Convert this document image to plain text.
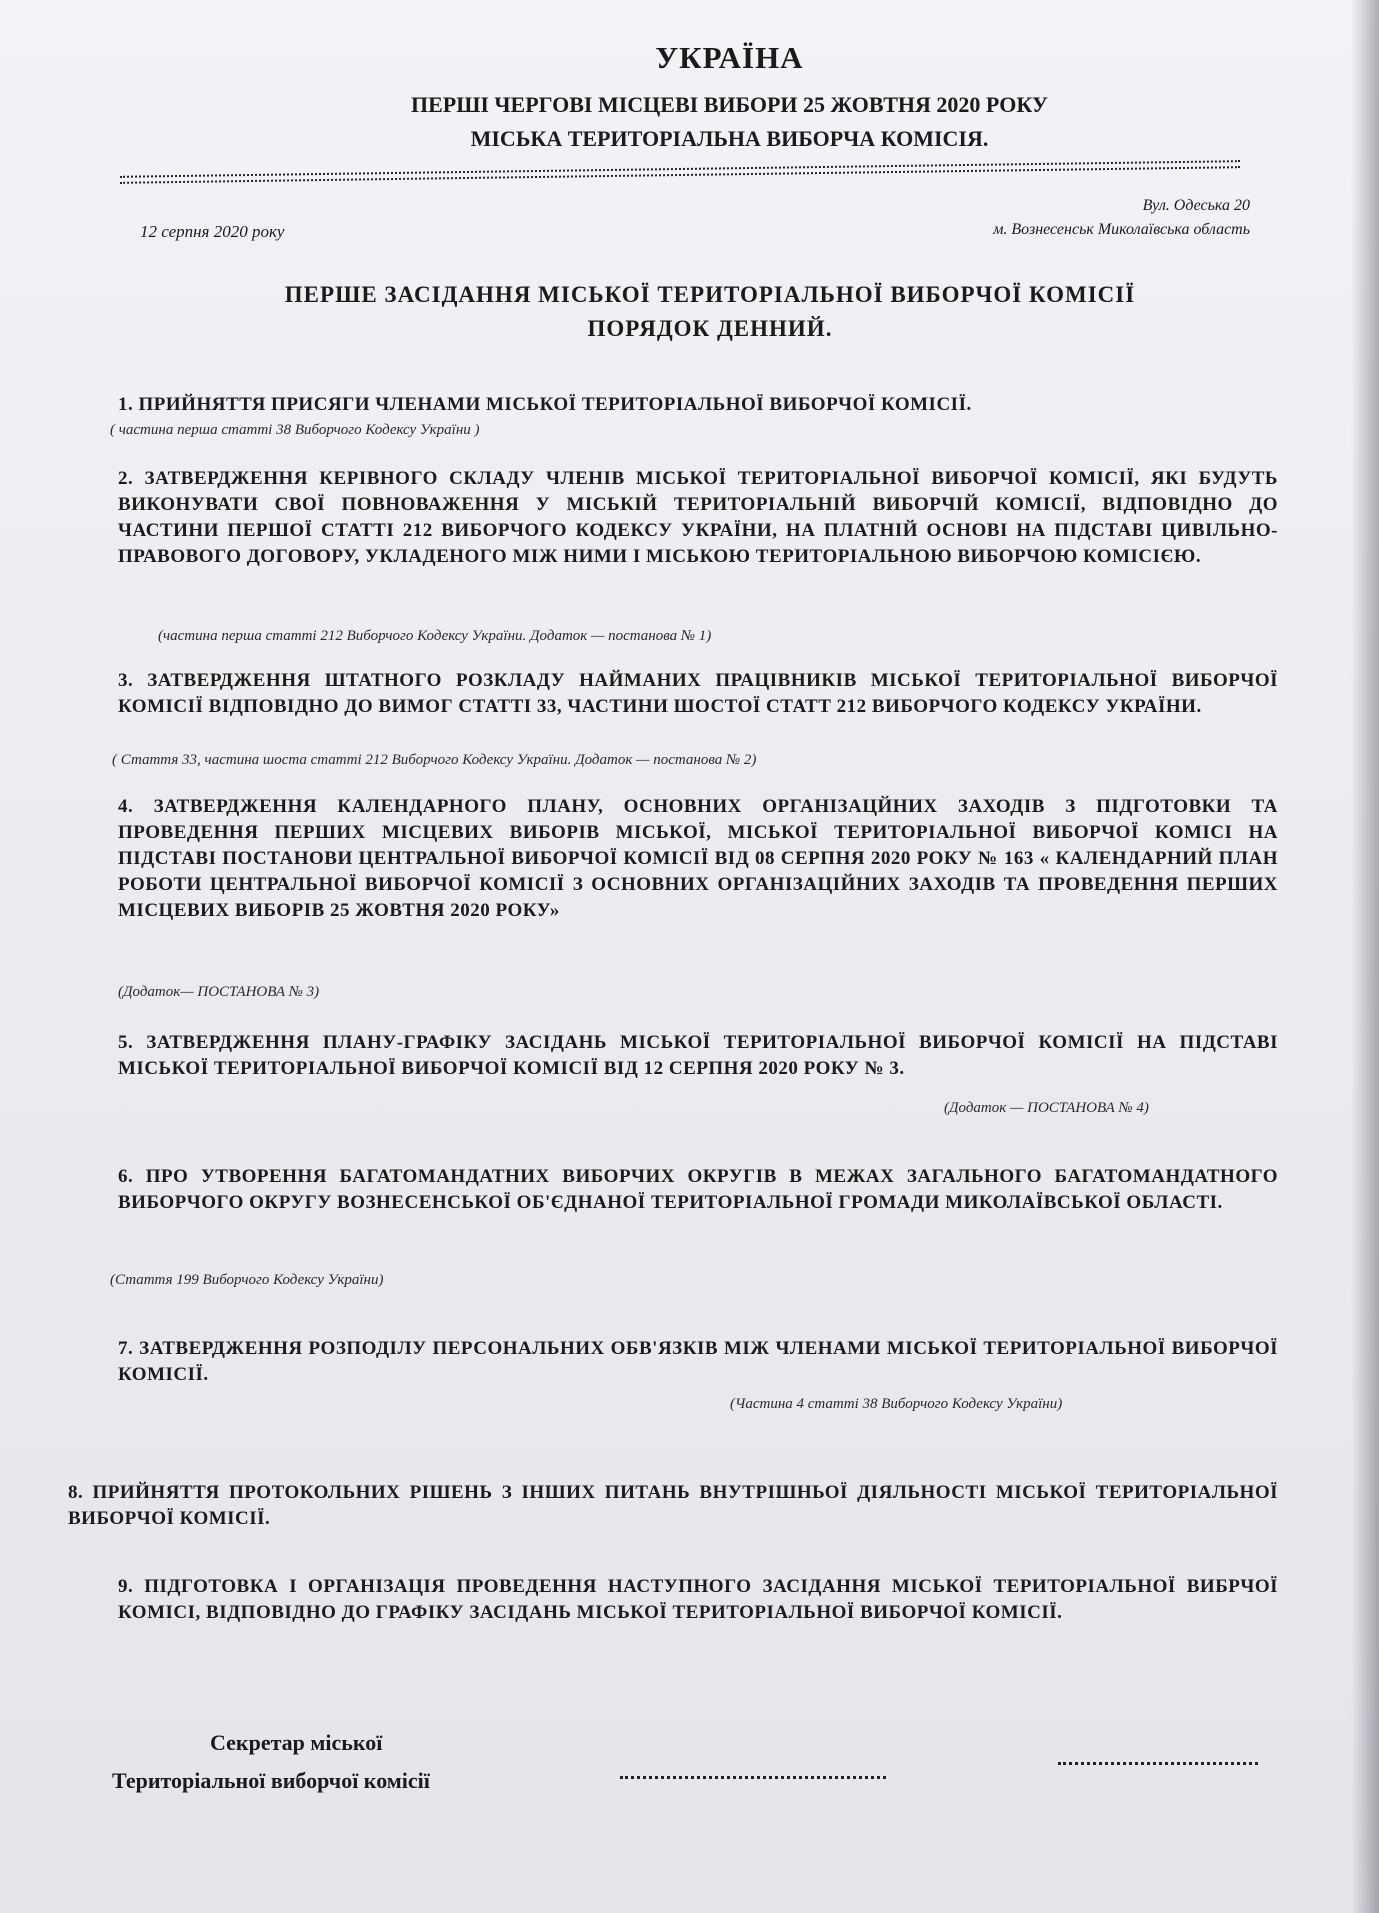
УКРАЇНА
ПЕРШІ ЧЕРГОВІ МІСЦЕВІ ВИБОРИ 25 ЖОВТНЯ 2020 РОКУ
МІСЬКА ТЕРИТОРІАЛЬНА ВИБОРЧА КОМІСІЯ.
12 серпня 2020 року
Вул. Одеська 20
м. Вознесенськ Миколаївська область
ПЕРШЕ ЗАСІДАННЯ МІСЬКОЇ ТЕРИТОРІАЛЬНОЇ ВИБОРЧОЇ КОМІСІЇ
ПОРЯДОК ДЕННИЙ.
1. ПРИЙНЯТТЯ ПРИСЯГИ ЧЛЕНАМИ МІСЬКОЇ ТЕРИТОРІАЛЬНОЇ ВИБОРЧОЇ КОМІСІЇ.
( частина перша статті 38 Виборчого Кодексу України )
2. ЗАТВЕРДЖЕННЯ КЕРІВНОГО СКЛАДУ ЧЛЕНІВ МІСЬКОЇ ТЕРИТОРІАЛЬНОЇ ВИБОРЧОЇ КОМІСІЇ, ЯКІ БУДУТЬ ВИКОНУВАТИ СВОЇ ПОВНОВАЖЕННЯ У МІСЬКІЙ ТЕРИТОРІАЛЬНІЙ ВИБОРЧІЙ КОМІСІЇ, ВІДПОВІДНО ДО ЧАСТИНИ ПЕРШОЇ СТАТТІ 212 ВИБОРЧОГО КОДЕКСУ УКРАЇНИ, НА ПЛАТНІЙ ОСНОВІ НА ПІДСТАВІ ЦИВІЛЬНО-ПРАВОВОГО ДОГОВОРУ, УКЛАДЕНОГО МІЖ НИМИ І МІСЬКОЮ ТЕРИТОРІАЛЬНОЮ ВИБОРЧОЮ КОМІСІЄЮ.
(частина перша статті 212 Виборчого Кодексу України. Додаток — постанова № 1)
3. ЗАТВЕРДЖЕННЯ ШТАТНОГО РОЗКЛАДУ НАЙМАНИХ ПРАЦІВНИКІВ МІСЬКОЇ ТЕРИТОРІАЛЬНОЇ ВИБОРЧОЇ КОМІСІЇ ВІДПОВІДНО ДО ВИМОГ СТАТТІ 33, ЧАСТИНИ ШОСТОЇ СТАТТ 212 ВИБОРЧОГО КОДЕКСУ УКРАЇНИ.
( Стаття 33, частина шоста статті 212 Виборчого Кодексу України. Додаток — постанова № 2)
4. ЗАТВЕРДЖЕННЯ КАЛЕНДАРНОГО ПЛАНУ, ОСНОВНИХ ОРГАНІЗАЦЙНИХ ЗАХОДІВ З ПІДГОТОВКИ ТА ПРОВЕДЕННЯ ПЕРШИХ МІСЦЕВИХ ВИБОРІВ МІСЬКОЇ, МІСЬКОЇ ТЕРИТОРІАЛЬНОЇ ВИБОРЧОЇ КОМІСІ НА ПІДСТАВІ ПОСТАНОВИ ЦЕНТРАЛЬНОЇ ВИБОРЧОЇ КОМІСІЇ ВІД 08 СЕРПНЯ 2020 РОКУ № 163 « КАЛЕНДАРНИЙ ПЛАН РОБОТИ ЦЕНТРАЛЬНОЇ ВИБОРЧОЇ КОМІСІЇ З ОСНОВНИХ ОРГАНІЗАЦІЙНИХ ЗАХОДІВ ТА ПРОВЕДЕННЯ ПЕРШИХ МІСЦЕВИХ ВИБОРІВ 25 ЖОВТНЯ 2020 РОКУ»
(Додаток— ПОСТАНОВА № 3)
5. ЗАТВЕРДЖЕННЯ ПЛАНУ-ГРАФІКУ ЗАСІДАНЬ МІСЬКОЇ ТЕРИТОРІАЛЬНОЇ ВИБОРЧОЇ КОМІСІЇ НА ПІДСТАВІ МІСЬКОЇ ТЕРИТОРІАЛЬНОЇ ВИБОРЧОЇ КОМІСІЇ ВІД 12 СЕРПНЯ 2020 РОКУ № 3.
(Додаток — ПОСТАНОВА № 4)
6. ПРО УТВОРЕННЯ БАГАТОМАНДАТНИХ ВИБОРЧИХ ОКРУГІВ В МЕЖАХ ЗАГАЛЬНОГО БАГАТОМАНДАТНОГО ВИБОРЧОГО ОКРУГУ ВОЗНЕСЕНСЬКОЇ ОБ'ЄДНАНОЇ ТЕРИТОРІАЛЬНОЇ ГРОМАДИ МИКОЛАЇВСЬКОЇ ОБЛАСТІ.
(Стаття 199 Виборчого Кодексу України)
7. ЗАТВЕРДЖЕННЯ РОЗПОДІЛУ ПЕРСОНАЛЬНИХ ОБВ'ЯЗКІВ МІЖ ЧЛЕНАМИ МІСЬКОЇ ТЕРИТОРІАЛЬНОЇ ВИБОРЧОЇ КОМІСІЇ.
(Частина 4 статті 38 Виборчого Кодексу України)
8. ПРИЙНЯТТЯ ПРОТОКОЛЬНИХ РІШЕНЬ З ІНШИХ ПИТАНЬ ВНУТРІШНЬОЇ ДІЯЛЬНОСТІ МІСЬКОЇ ТЕРИТОРІАЛЬНОЇ ВИБОРЧОЇ КОМІСІЇ.
9. ПІДГОТОВКА І ОРГАНІЗАЦІЯ ПРОВЕДЕННЯ НАСТУПНОГО ЗАСІДАННЯ МІСЬКОЇ ТЕРИТОРІАЛЬНОЇ ВИБРЧОЇ КОМІСІ, ВІДПОВІДНО ДО ГРАФІКУ ЗАСІДАНЬ МІСЬКОЇ ТЕРИТОРІАЛЬНОЇ ВИБОРЧОЇ КОМІСІЇ.
Секретар міської
Територіальної виборчої комісії
